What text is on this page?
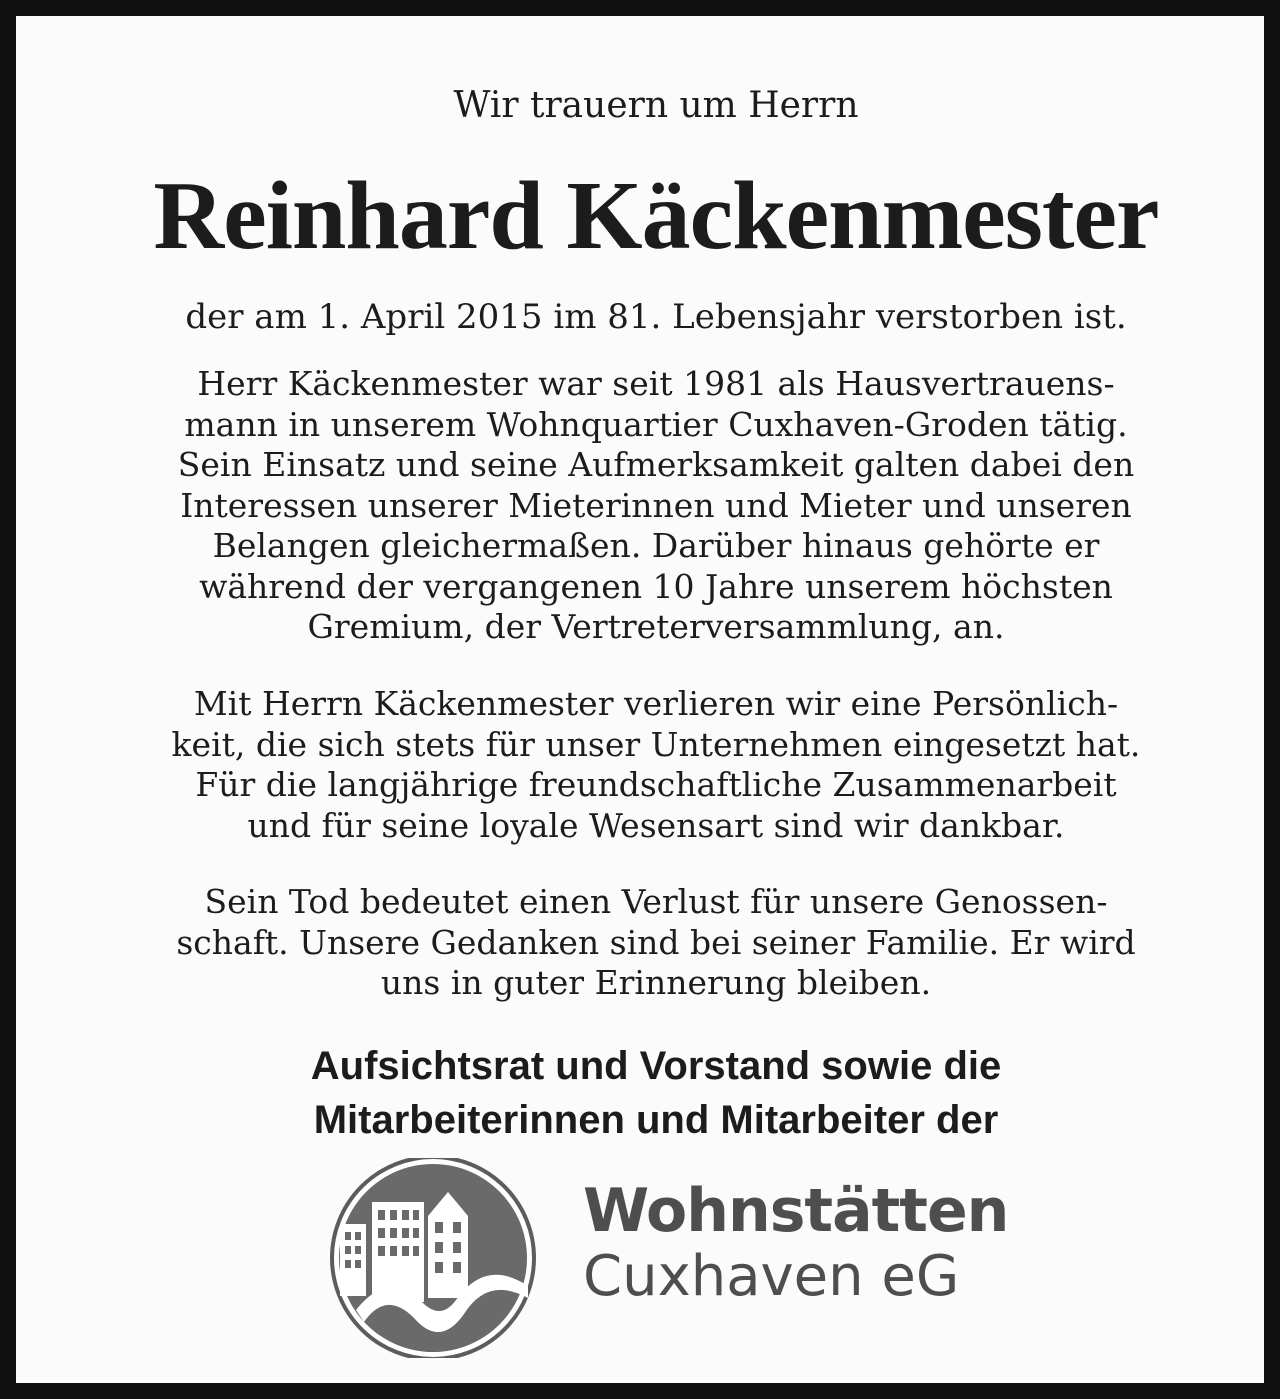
Wir trauern um Herrn
Reinhard Käckenmester
der am 1. April 2015 im 81. Lebensjahr verstorben ist.
Herr Käckenmester war seit 1981 als Hausvertrauens-
mann in unserem Wohnquartier Cuxhaven-Groden tätig.
Sein Einsatz und seine Aufmerksamkeit galten dabei den
Interessen unserer Mieterinnen und Mieter und unseren
Belangen gleichermaßen. Darüber hinaus gehörte er
während der vergangenen 10 Jahre unserem höchsten
Gremium, der Vertreterversammlung, an.
Mit Herrn Käckenmester verlieren wir eine Persönlich-
keit, die sich stets für unser Unternehmen eingesetzt hat.
Für die langjährige freundschaftliche Zusammenarbeit
und für seine loyale Wesensart sind wir dankbar.
Sein Tod bedeutet einen Verlust für unsere Genossen-
schaft. Unsere Gedanken sind bei seiner Familie. Er wird
uns in guter Erinnerung bleiben.
Aufsichtsrat und Vorstand sowie die
Mitarbeiterinnen und Mitarbeiter der
Wohnstätten
Cuxhaven eG
